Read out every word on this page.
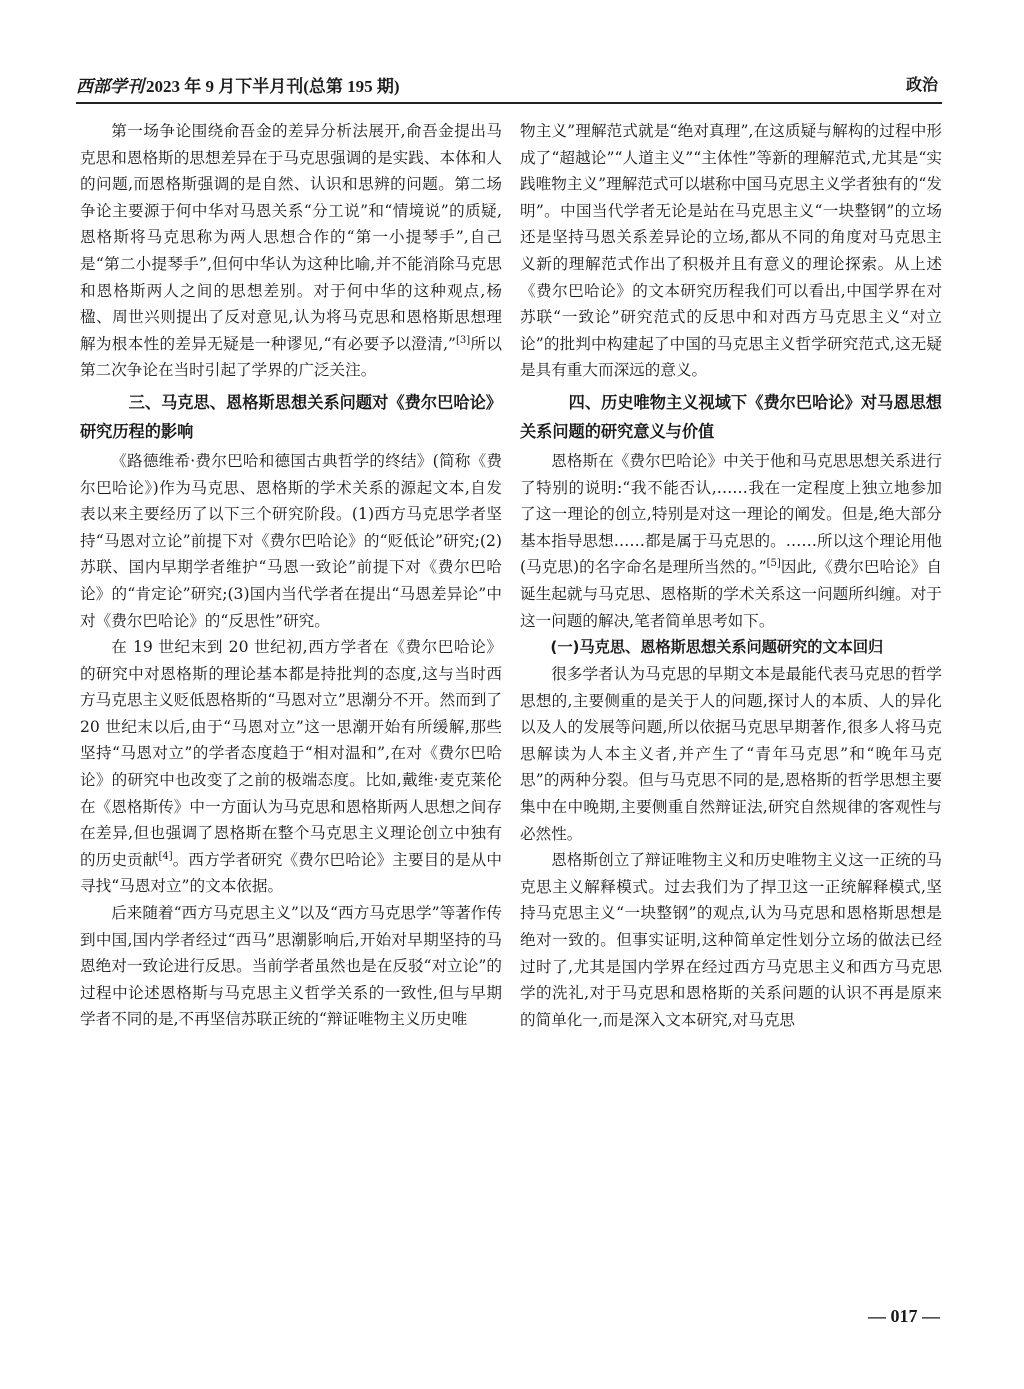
西部学刊 2023 年 9 月下半月刊(总第 195 期)	政治

第一场争论围绕俞吾金的差异分析法展开,俞吾金提出马克思和恩格斯的思想差异在于马克思强调的是实践、本体和人的问题,而恩格斯强调的是自然、认识和思辨的问题。第二场争论主要源于何中华对马恩关系“分工说”和“情境说”的质疑,恩格斯将马克思称为两人思想合作的“第一小提琴手”,自己是“第二小提琴手”,但何中华认为这种比喻,并不能消除马克思和恩格斯两人之间的思想差别。对于何中华的这种观点,杨楹、周世兴则提出了反对意见,认为将马克思和恩格斯思想理解为根本性的差异无疑是一种谬见,“有必要予以澄清,”[3]所以第二次争论在当时引起了学界的广泛关注。

三、马克思、恩格斯思想关系问题对《费尔巴哈论》研究历程的影响

《路德维希·费尔巴哈和德国古典哲学的终结》(简称《费尔巴哈论》)作为马克思、恩格斯的学术关系的源起文本,自发表以来主要经历了以下三个研究阶段。(1)西方马克思学者坚持“马恩对立论”前提下对《费尔巴哈论》的“贬低论”研究;(2)苏联、国内早期学者维护“马恩一致论”前提下对《费尔巴哈论》的“肯定论”研究;(3)国内当代学者在提出“马恩差异论”中对《费尔巴哈论》的“反思性”研究。

在 19 世纪末到 20 世纪初,西方学者在《费尔巴哈论》的研究中对恩格斯的理论基本都是持批判的态度,这与当时西方马克思主义贬低恩格斯的“马恩对立”思潮分不开。然而到了 20 世纪末以后,由于“马恩对立”这一思潮开始有所缓解,那些坚持“马恩对立”的学者态度趋于“相对温和”,在对《费尔巴哈论》的研究中也改变了之前的极端态度。比如,戴维·麦克莱伦在《恩格斯传》中一方面认为马克思和恩格斯两人思想之间存在差异,但也强调了恩格斯在整个马克思主义理论创立中独有的历史贡献[4]。西方学者研究《费尔巴哈论》主要目的是从中寻找“马恩对立”的文本依据。

后来随着“西方马克思主义”以及“西方马克思学”等著作传到中国,国内学者经过“西马”思潮影响后,开始对早期坚持的马恩绝对一致论进行反思。当前学者虽然也是在反驳“对立论”的过程中论述恩格斯与马克思主义哲学关系的一致性,但与早期学者不同的是,不再坚信苏联正统的“辩证唯物主义历史唯

物主义”理解范式就是“绝对真理”,在这质疑与解构的过程中形成了“超越论”“人道主义”“主体性”等新的理解范式,尤其是“实践唯物主义”理解范式可以堪称中国马克思主义学者独有的“发明”。中国当代学者无论是站在马克思主义“一块整钢”的立场还是坚持马恩关系差异论的立场,都从不同的角度对马克思主义新的理解范式作出了积极并且有意义的理论探索。从上述《费尔巴哈论》的文本研究历程我们可以看出,中国学界在对苏联“一致论”研究范式的反思中和对西方马克思主义“对立论”的批判中构建起了中国的马克思主义哲学研究范式,这无疑是具有重大而深远的意义。

四、历史唯物主义视域下《费尔巴哈论》对马恩思想关系问题的研究意义与价值

恩格斯在《费尔巴哈论》中关于他和马克思思想关系进行了特别的说明:“我不能否认,……我在一定程度上独立地参加了这一理论的创立,特别是对这一理论的阐发。但是,绝大部分基本指导思想……都是属于马克思的。……所以这个理论用他(马克思)的名字命名是理所当然的。”[5]因此,《费尔巴哈论》自诞生起就与马克思、恩格斯的学术关系这一问题所纠缠。对于这一问题的解决,笔者简单思考如下。

(一)马克思、恩格斯思想关系问题研究的文本回归

很多学者认为马克思的早期文本是最能代表马克思的哲学思想的,主要侧重的是关于人的问题,探讨人的本质、人的异化以及人的发展等问题,所以依据马克思早期著作,很多人将马克思解读为人本主义者,并产生了“青年马克思”和“晚年马克思”的两种分裂。但与马克思不同的是,恩格斯的哲学思想主要集中在中晚期,主要侧重自然辩证法,研究自然规律的客观性与必然性。

恩格斯创立了辩证唯物主义和历史唯物主义这一正统的马克思主义解释模式。过去我们为了捍卫这一正统解释模式,坚持马克思主义“一块整钢”的观点,认为马克思和恩格斯思想是绝对一致的。但事实证明,这种简单定性划分立场的做法已经过时了,尤其是国内学界在经过西方马克思主义和西方马克思学的洗礼,对于马克思和恩格斯的关系问题的认识不再是原来的简单化一,而是深入文本研究,对马克思

— 017 —
